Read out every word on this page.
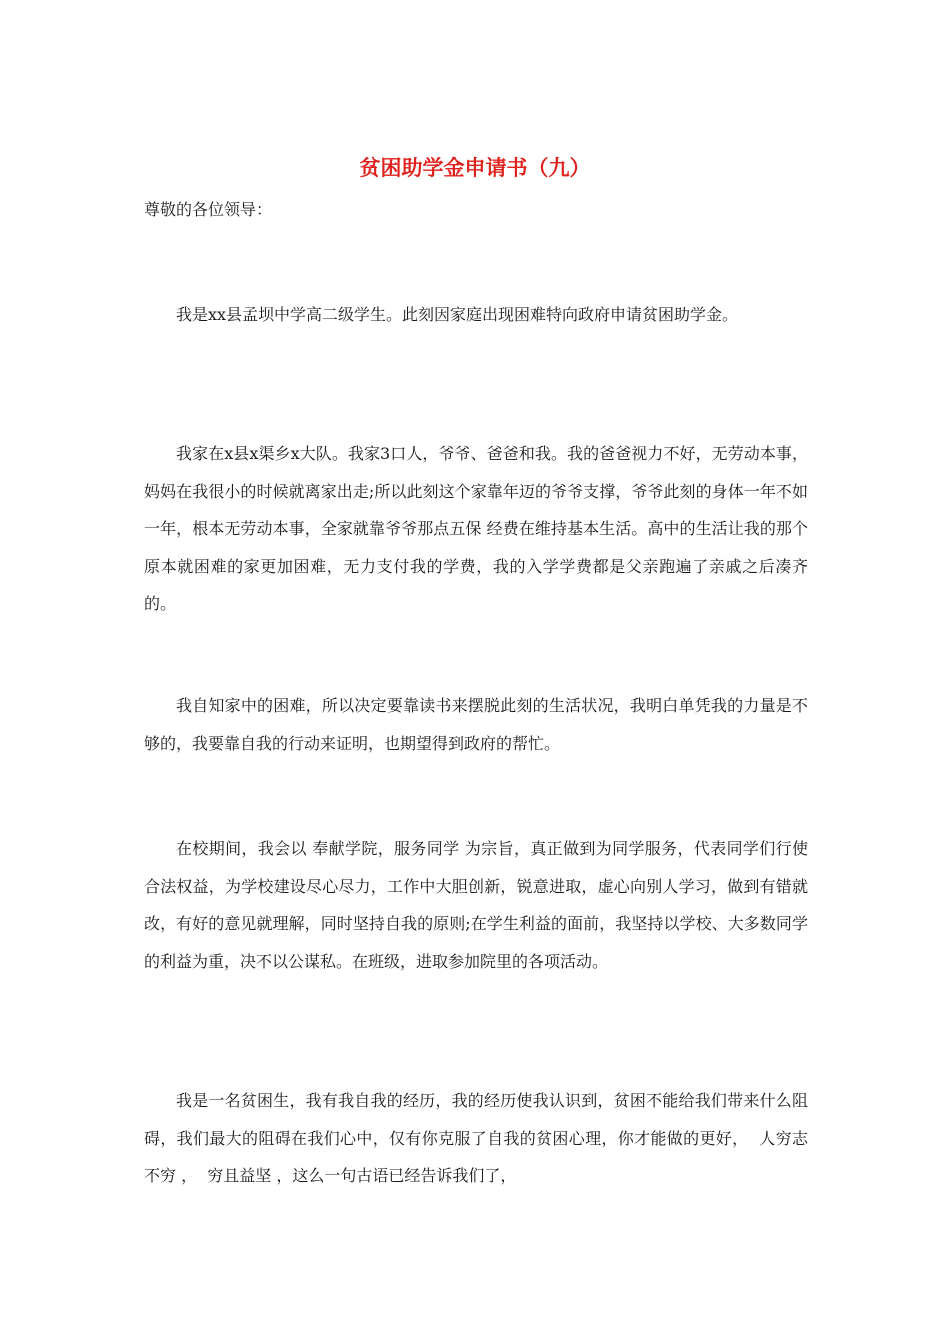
贫困助学金申请书（九）

尊敬的各位领导：

我是xx县孟坝中学高二级学生。此刻因家庭出现困难特向政府申请贫困助学金。

我家在x县x渠乡x大队。我家3口人，爷爷、爸爸和我。我的爸爸视力不好，无劳动本事，妈妈在我很小的时候就离家出走;所以此刻这个家靠年迈的爷爷支撑，爷爷此刻的身体一年不如一年，根本无劳动本事，全家就靠爷爷那点五保 经费在维持基本生活。高中的生活让我的那个原本就困难的家更加困难，无力支付我的学费，我的入学学费都是父亲跑遍了亲戚之后凑齐的。

我自知家中的困难，所以决定要靠读书来摆脱此刻的生活状况，我明白单凭我的力量是不够的，我要靠自我的行动来证明，也期望得到政府的帮忙。

在校期间，我会以 奉献学院，服务同学 为宗旨，真正做到为同学服务，代表同学们行使合法权益，为学校建设尽心尽力，工作中大胆创新，锐意进取，虚心向别人学习，做到有错就改，有好的意见就理解，同时坚持自我的原则;在学生利益的面前，我坚持以学校、大多数同学的利益为重，决不以公谋私。在班级，进取参加院里的各项活动。

我是一名贫困生，我有我自我的经历，我的经历使我认识到，贫困不能给我们带来什么阻碍，我们最大的阻碍在我们心中，仅有你克服了自我的贫困心理，你才能做的更好，  人穷志不穷 ，  穷且益坚 ，这么一句古语已经告诉我们了，
